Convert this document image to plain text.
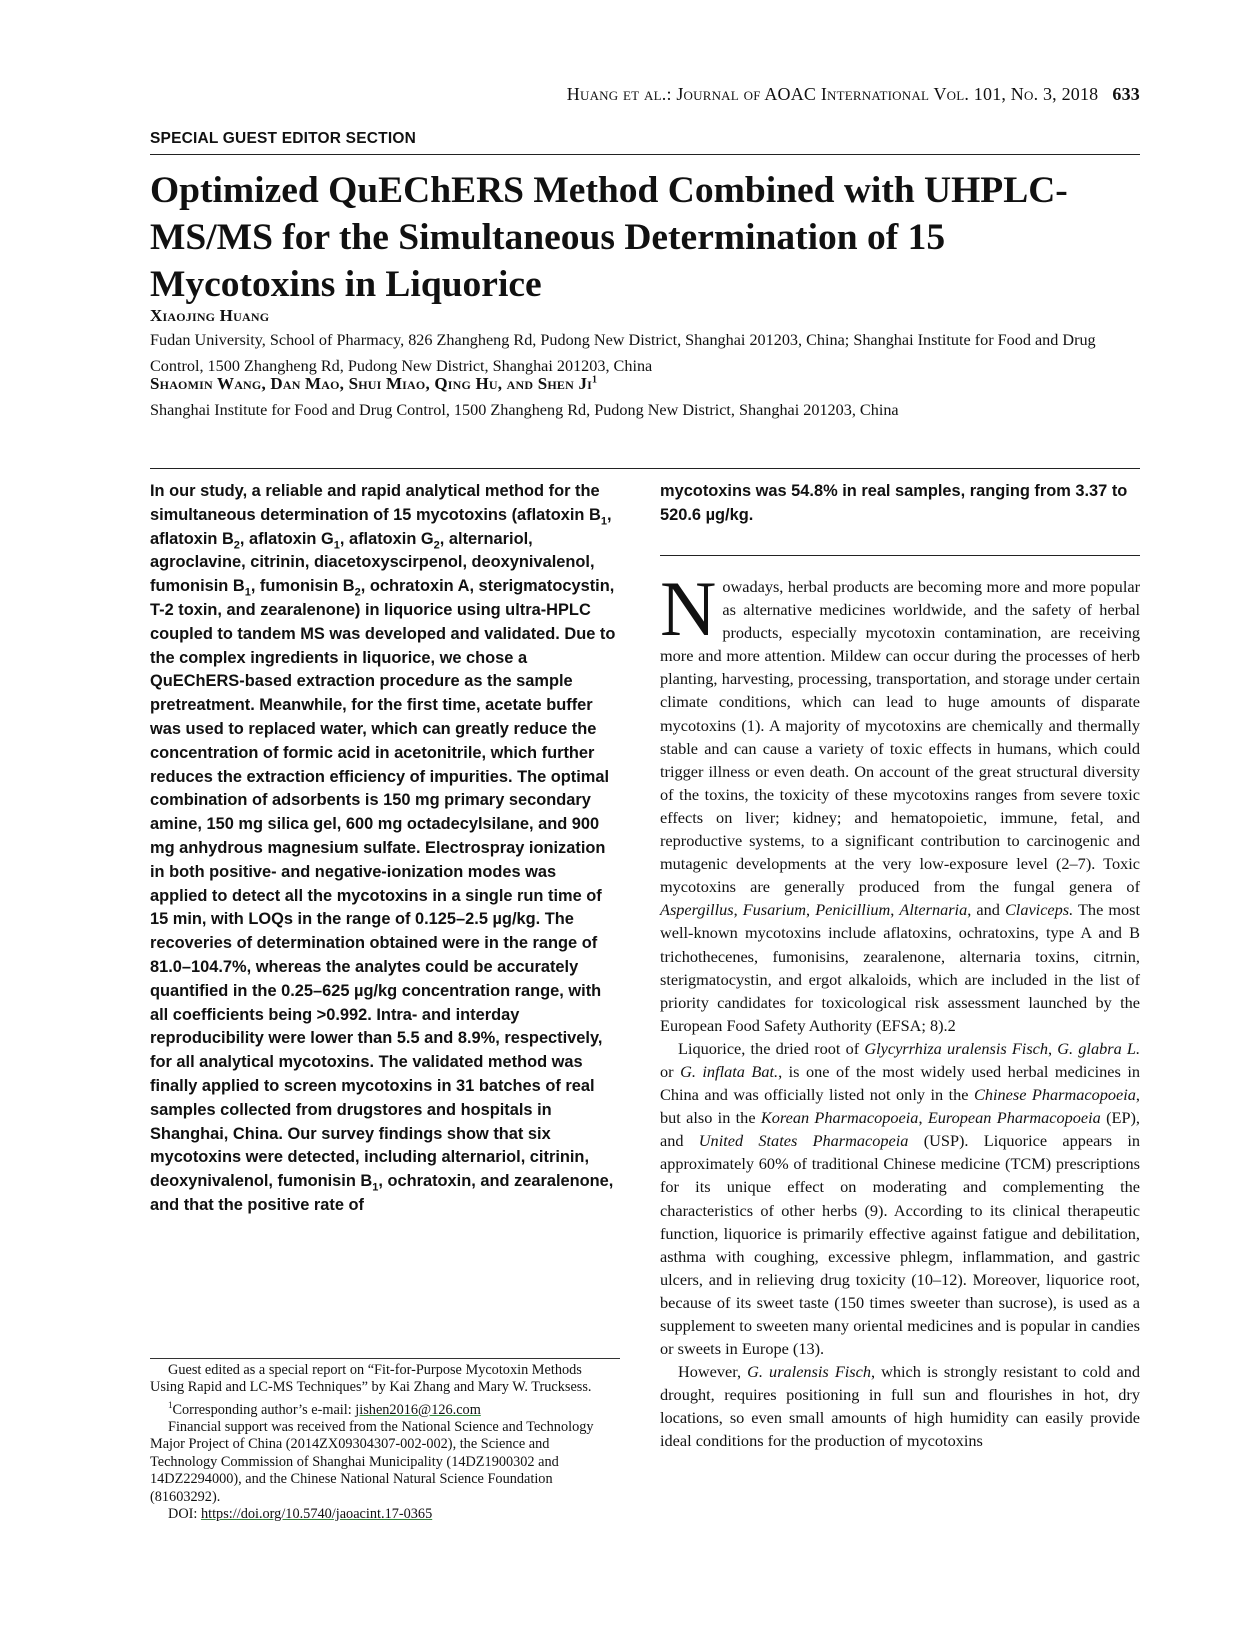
Huang et al.: Journal of AOAC International Vol. 101, No. 3, 2018 633
SPECIAL GUEST EDITOR SECTION
Optimized QuEChERS Method Combined with UHPLC-MS/MS for the Simultaneous Determination of 15 Mycotoxins in Liquorice
Xiaojing Huang
Fudan University, School of Pharmacy, 826 Zhangheng Rd, Pudong New District, Shanghai 201203, China; Shanghai Institute for Food and Drug Control, 1500 Zhangheng Rd, Pudong New District, Shanghai 201203, China
Shaomin Wang, Dan Mao, Shui Miao, Qing Hu, and Shen Ji$^1$
Shanghai Institute for Food and Drug Control, 1500 Zhangheng Rd, Pudong New District, Shanghai 201203, China
In our study, a reliable and rapid analytical method for the simultaneous determination of 15 mycotoxins (aflatoxin $B_1$, aflatoxin $B_2$, aflatoxin $G_1$, aflatoxin $G_2$, alternariol, agroclavine, citrinin, diacetoxyscirpenol, deoxynivalenol, fumonisin $B_1$, fumonisin $B_2$, ochratoxin A, sterigmatocystin, T-2 toxin, and zearalenone) in liquorice using ultra-HPLC coupled to tandem MS was developed and validated. Due to the complex ingredients in liquorice, we chose a QuEChERS-based extraction procedure as the sample pretreatment. Meanwhile, for the first time, acetate buffer was used to replaced water, which can greatly reduce the concentration of formic acid in acetonitrile, which further reduces the extraction efficiency of impurities. The optimal combination of adsorbents is 150 mg primary secondary amine, 150 mg silica gel, 600 mg octadecylsilane, and 900 mg anhydrous magnesium sulfate. Electrospray ionization in both positive- and negative-ionization modes was applied to detect all the mycotoxins in a single run time of 15 min, with LOQs in the range of 0.125–2.5 µg/kg. The recoveries of determination obtained were in the range of 81.0–104.7%, whereas the analytes could be accurately quantified in the 0.25–625 µg/kg concentration range, with all coefficients being >0.992. Intra- and interday reproducibility were lower than 5.5 and 8.9%, respectively, for all analytical mycotoxins. The validated method was finally applied to screen mycotoxins in 31 batches of real samples collected from drugstores and hospitals in Shanghai, China. Our survey findings show that six mycotoxins were detected, including alternariol, citrinin, deoxynivalenol, fumonisin $B_1$, ochratoxin, and zearalenone, and that the positive rate of
mycotoxins was 54.8% in real samples, ranging from 3.37 to 520.6 µg/kg.

Nowadays, herbal products are becoming more and more popular as alternative medicines worldwide, and the safety of herbal products, especially mycotoxin contamination, are receiving more and more attention. Mildew can occur during the processes of herb planting, harvesting, processing, transportation, and storage under certain climate conditions, which can lead to huge amounts of disparate mycotoxins (1). A majority of mycotoxins are chemically and thermally stable and can cause a variety of toxic effects in humans, which could trigger illness or even death. On account of the great structural diversity of the toxins, the toxicity of these mycotoxins ranges from severe toxic effects on liver; kidney; and hematopoietic, immune, fetal, and reproductive systems, to a significant contribution to carcinogenic and mutagenic developments at the very low-exposure level (2–7). Toxic mycotoxins are generally produced from the fungal genera of Aspergillus, Fusarium, Penicillium, Alternaria, and Claviceps. The most well-known mycotoxins include aflatoxins, ochratoxins, type A and B trichothecenes, fumonisins, zearalenone, alternaria toxins, citrnin, sterigmatocystin, and ergot alkaloids, which are included in the list of priority candidates for toxicological risk assessment launched by the European Food Safety Authority (EFSA; 8).2

Liquorice, the dried root of Glycyrrhiza uralensis Fisch, G. glabra L. or G. inflata Bat., is one of the most widely used herbal medicines in China and was officially listed not only in the Chinese Pharmacopoeia, but also in the Korean Pharmacopoeia, European Pharmacopoeia (EP), and United States Pharmacopeia (USP). Liquorice appears in approximately 60% of traditional Chinese medicine (TCM) prescriptions for its unique effect on moderating and complementing the characteristics of other herbs (9). According to its clinical therapeutic function, liquorice is primarily effective against fatigue and debilitation, asthma with coughing, excessive phlegm, inflammation, and gastric ulcers, and in relieving drug toxicity (10–12). Moreover, liquorice root, because of its sweet taste (150 times sweeter than sucrose), is used as a supplement to sweeten many oriental medicines and is popular in candies or sweets in Europe (13).

However, G. uralensis Fisch, which is strongly resistant to cold and drought, requires positioning in full sun and flourishes in hot, dry locations, so even small amounts of high humidity can easily provide ideal conditions for the production of mycotoxins

Guest edited as a special report on “Fit-for-Purpose Mycotoxin Methods Using Rapid and LC-MS Techniques” by Kai Zhang and Mary W. Trucksess.

$^1$Corresponding author’s e-mail: jishen2016@126.com

Financial support was received from the National Science and Technology Major Project of China (2014ZX09304307-002-002), the Science and Technology Commission of Shanghai Municipality (14DZ1900302 and 14DZ2294000), and the Chinese National Natural Science Foundation (81603292).

DOI: https://doi.org/10.5740/jaoacint.17-0365
